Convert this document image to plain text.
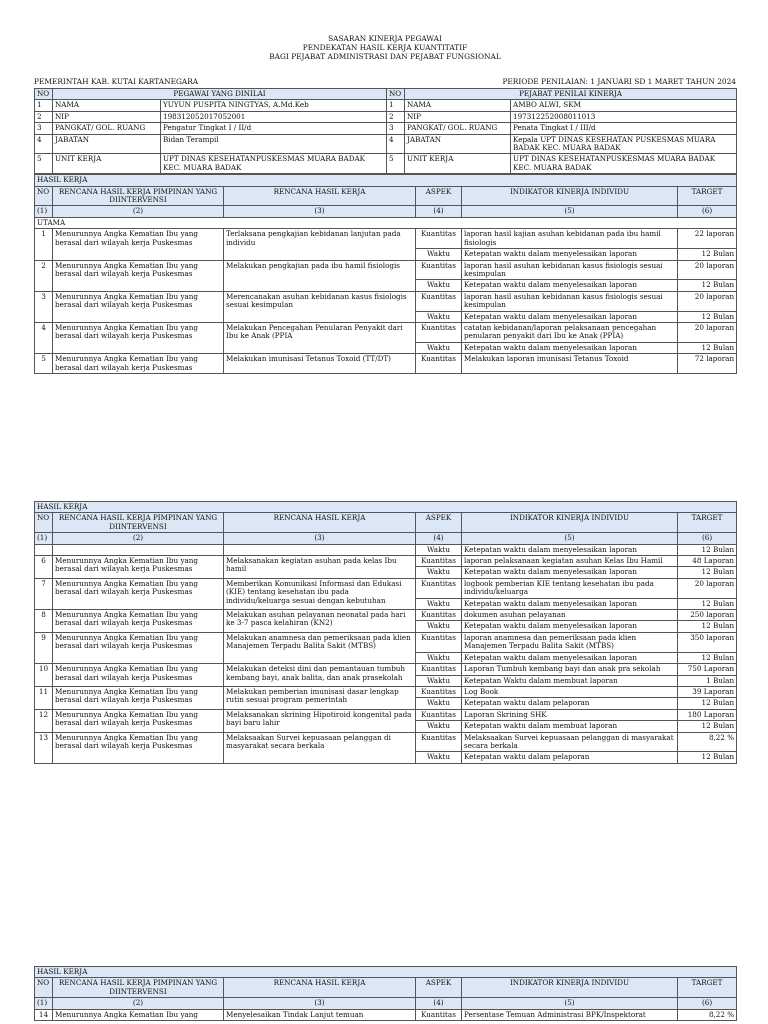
SASARAN KINERJA PEGAWAI
PENDEKATAN HASIL KERJA KUANTITATIF
BAGI PEJABAT ADMINISTRASI DAN PEJABAT FUNGSIONAL
PEMERINTAH KAB. KUTAI KARTANEGARA	PERIODE PENILAIAN: 1 JANUARI SD 1 MARET TAHUN 2024
NO	PEGAWAI YANG DINILAI		NO	PEJABAT PENILAI KINERJA	
1	NAMA	YUYUN PUSPITA NINGTYAS, A.Md.Keb	1	NAMA	AMBO ALWI, SKM
2	NIP	198312052017052001	2	NIP	197312252008011013
3	PANGKAT/ GOL. RUANG	Pengatur Tingkat I / II/d	3	PANGKAT/ GOL. RUANG	Penata Tingkat I / III/d
4	JABATAN	Bidan Terampil	4	JABATAN	Kepala UPT DINAS KESEHATAN PUSKESMAS MUARA BADAK KEC. MUARA BADAK
5	UNIT KERJA	UPT DINAS KESEHATANPUSKESMAS MUARA BADAK KEC. MUARA BADAK	5	UNIT KERJA	UPT DINAS KESEHATANPUSKESMAS MUARA BADAK KEC. MUARA BADAK
HASIL KERJA					
NO	RENCANA HASIL KERJA PIMPINAN YANG DIINTERVENSI	RENCANA HASIL KERJA	ASPEK	INDIKATOR KINERJA INDIVIDU	TARGET
(1)	(2)	(3)	(4)	(5)	(6)
UTAMA					
1	Menurunnya Angka Kematian Ibu yang berasal dari wilayah kerja Puskesmas	Terlaksana pengkajian kebidanan lanjutan pada individu	Kuantitas	laporan hasil kajian asuhan kebidanan pada ibu hamil fisiologis	22 laporan
			Waktu	Ketepatan waktu dalam menyelesaikan laporan	12 Bulan
2	Menurunnya Angka Kematian Ibu yang berasal dari wilayah kerja Puskesmas	Melakukan pengkajian pada ibu hamil fisiologis	Kuantitas	laporan hasil asuhan kebidanan kasus fisiologis sesuai kesimpulan	20 laporan
			Waktu	Ketepatan waktu dalam menyelesaikan laporan	12 Bulan
3	Menurunnya Angka Kematian Ibu yang berasal dari wilayah kerja Puskesmas	Merencanakan asuhan kebidanan kasus fisiologis sesuai kesimpulan	Kuantitas	laporan hasil asuhan kebidanan kasus fisiologis sesuai kesimpulan	20 laporan
			Waktu	Ketepatan waktu dalam menyelesaikan laporan	12 Bulan
4	Menurunnya Angka Kematian Ibu yang berasal dari wilayah kerja Puskesmas	Melakukan Pencegahan Penularan Penyakit dari Ibu ke Anak (PPIA	Kuantitas	catatan kebidanan/laporan pelaksanaan pencegahan penularan penyakit dari Ibu ke Anak (PPIA)	20 laporan
			Waktu	Ketepatan waktu dalam menyelesaikan laporan	12 Bulan
5	Menurunnya Angka Kematian Ibu yang berasal dari wilayah kerja Puskesmas	Melakukan imunisasi Tetanus Toxoid (TT/DT)	Kuantitas	Melakukan laporan imunisasi Tetanus Toxoid	72 laporan
HASIL KERJA					
NO	RENCANA HASIL KERJA PIMPINAN YANG DIINTERVENSI	RENCANA HASIL KERJA	ASPEK	INDIKATOR KINERJA INDIVIDU	TARGET
(1)	(2)	(3)	(4)	(5)	(6)
			Waktu	Ketepatan waktu dalam menyelesaikan laporan	12 Bulan
6	Menurunnya Angka Kematian Ibu yang berasal dari wilayah kerja Puskesmas	Melaksanakan kegiatan asuhan pada kelas Ibu hamil	Kuantitas	laporan pelaksanaan kegiatan asuhan Kelas Ibu Hamil	48 Laporan
			Waktu	Ketepatan waktu dalam menyelesaikan laporan	12 Bulan
7	Menurunnya Angka Kematian Ibu yang berasal dari wilayah kerja Puskesmas	Memberikan Komunikasi Informasi dan Edukasi (KIE) tentang kesehatan ibu pada individu/keluarga sesuai dengan kebutuhan	Kuantitas	logbook pemberian KIE tentang kesehatan ibu pada individu/keluarga	20 laporan
			Waktu	Ketepatan waktu dalam menyelesaikan laporan	12 Bulan
8	Menurunnya Angka Kematian Ibu yang berasal dari wilayah kerja Puskesmas	Melakukan asuhan pelayanan neonatal pada hari ke 3-7 pasca kelahiran (KN2)	Kuantitas	dokumen asuhan pelayanan	250 laporan
			Waktu	Ketepatan waktu dalam menyelesaikan laporan	12 Bulan
9	Menurunnya Angka Kematian Ibu yang berasal dari wilayah kerja Puskesmas	Melakukan anamnesa dan pemeriksaan pada klien Manajemen Terpadu Balita Sakit (MTBS)	Kuantitas	laporan anamnesa dan pemeriksaan pada klien Manajemen Terpadu Balita Sakit (MTBS)	350 laporan
			Waktu	Ketepatan waktu dalam menyelesaikan laporan	12 Bulan
10	Menurunnya Angka Kematian Ibu yang berasal dari wilayah kerja Puskesmas	Melakukan deteksi dini dan pemantauan tumbuh kembang bayi, anak balita, dan anak prasekolah	Kuantitas	Laporan Tumbuh kembang bayi dan anak pra sekolah	750 Laporan
			Waktu	Ketepatan Waktu dalam membuat laporan	1 Bulan
11	Menurunnya Angka Kematian Ibu yang berasal dari wilayah kerja Puskesmas	Melakukan pemberian imunisasi dasar lengkap rutin sesuai program pemerintah	Kuantitas	Log Book	39 Laporan
			Waktu	Ketepatan waktu dalam pelaporan	12 Bulan
12	Menurunnya Angka Kematian Ibu yang berasal dari wilayah kerja Puskesmas	Melaksanakan skrining Hipotiroid kongenital pada bayi baru lahir	Kuantitas	Laporan Skrining SHK	180 Laporan
			Waktu	Ketepatan waktu dalam membuat laporan	12 Bulan
13	Menurunnya Angka Kematian Ibu yang berasal dari wilayah kerja Puskesmas	Melaksaakan Survei kepuasaan pelanggan di masyarakat secara berkala	Kuantitas	Melaksaakan Survei kepuasaan pelanggan di masyarakat secara berkala	8,22 %
			Waktu	Ketepatan waktu dalam pelaporan	12 Bulan
HASIL KERJA					
NO	RENCANA HASIL KERJA PIMPINAN YANG DIINTERVENSI	RENCANA HASIL KERJA	ASPEK	INDIKATOR KINERJA INDIVIDU	TARGET
(1)	(2)	(3)	(4)	(5)	(6)
14	Menurunnya Angka Kematian Ibu yang	Menyelesaikan Tindak Lanjut temuan	Kuantitas	Persentase Temuan Administrasi BPK/Inspektorat	8,22 %
